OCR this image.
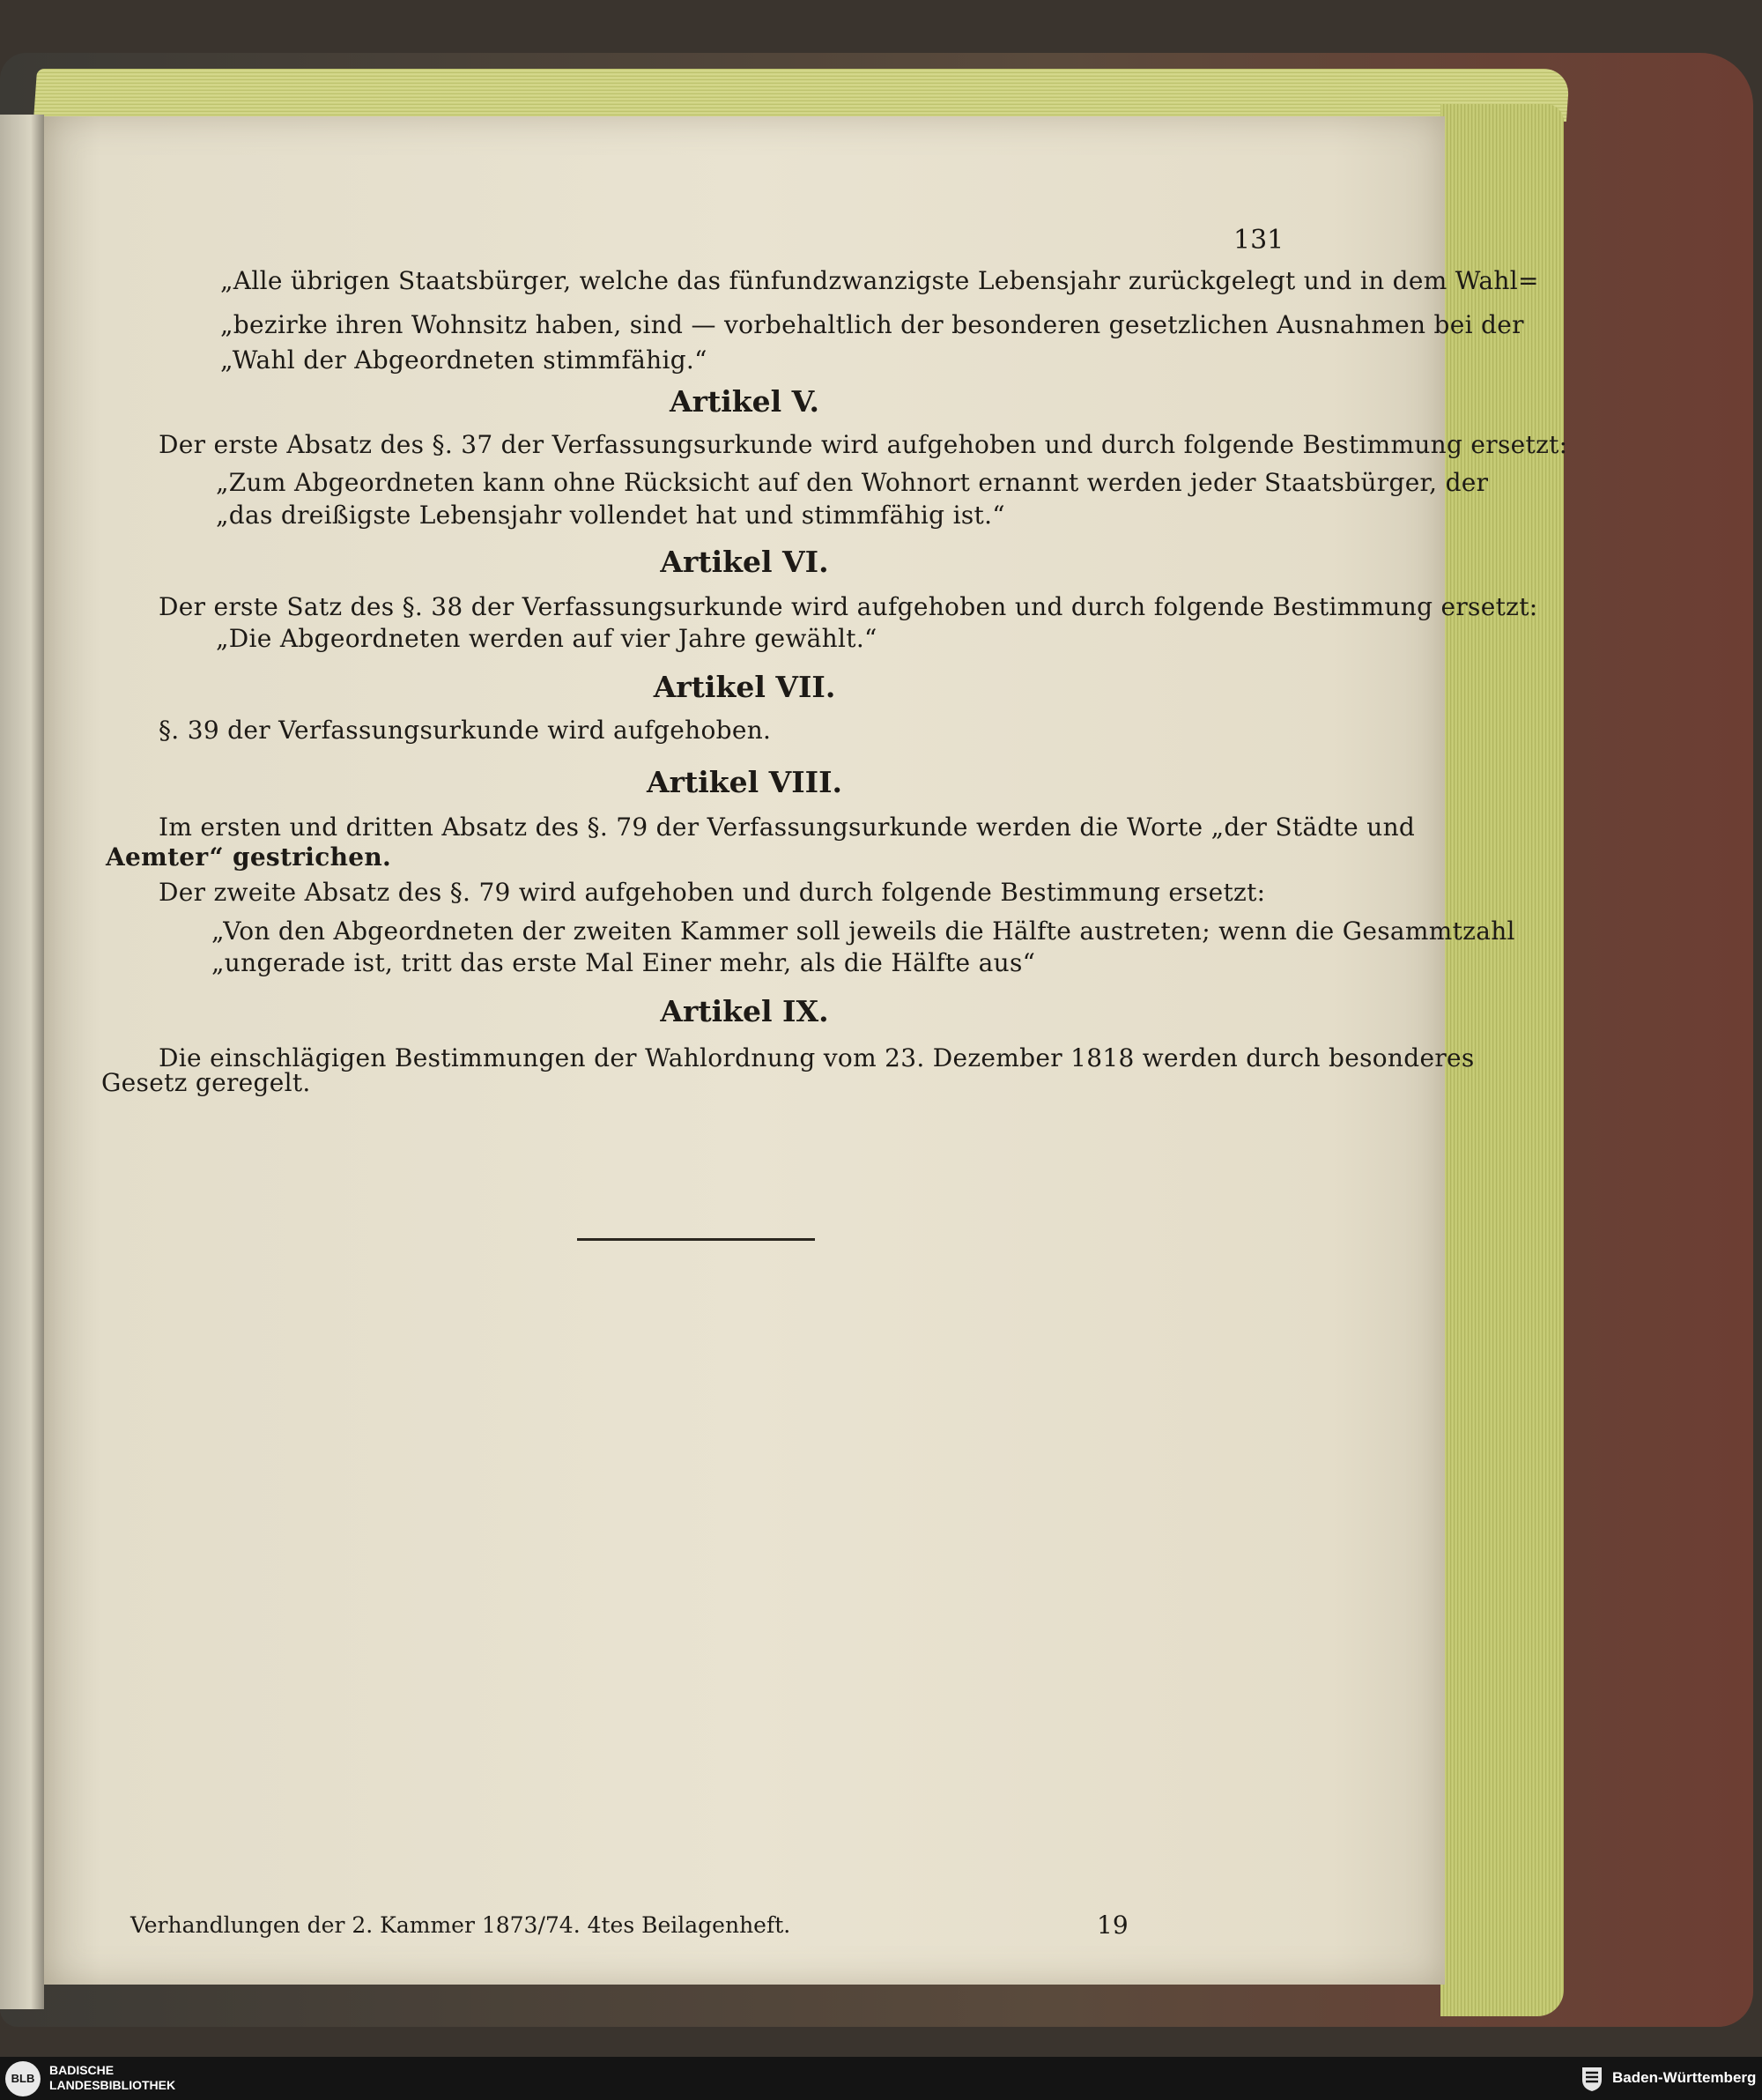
131
„Alle übrigen Staatsbürger, welche das fünfundzwanzigste Lebensjahr zurückgelegt und in dem Wahl=
„bezirke ihren Wohnsitz haben, sind — vorbehaltlich der besonderen gesetzlichen Ausnahmen bei der
„Wahl der Abgeordneten stimmfähig.“
Artikel V.
Der erste Absatz des §. 37 der Verfassungsurkunde wird aufgehoben und durch folgende Bestimmung ersetzt:
„Zum Abgeordneten kann ohne Rücksicht auf den Wohnort ernannt werden jeder Staatsbürger, der
„das dreißigste Lebensjahr vollendet hat und stimmfähig ist.“
Artikel VI.
Der erste Satz des §. 38 der Verfassungsurkunde wird aufgehoben und durch folgende Bestimmung ersetzt:
„Die Abgeordneten werden auf vier Jahre gewählt.“
Artikel VII.
§. 39 der Verfassungsurkunde wird aufgehoben.
Artikel VIII.
Im ersten und dritten Absatz des §. 79 der Verfassungsurkunde werden die Worte „der Städte und
Aemter“ gestrichen.
Der zweite Absatz des §. 79 wird aufgehoben und durch folgende Bestimmung ersetzt:
„Von den Abgeordneten der zweiten Kammer soll jeweils die Hälfte austreten; wenn die Gesammtzahl
„ungerade ist, tritt das erste Mal Einer mehr, als die Hälfte aus“
Artikel IX.
Die einschlägigen Bestimmungen der Wahlordnung vom 23. Dezember 1818 werden durch besonderes
Gesetz geregelt.
Verhandlungen der 2. Kammer 1873/74. 4tes Beilagenheft.	19
BLB
BADISCHE
LANDESBIBLIOTHEK	Baden-Württemberg
